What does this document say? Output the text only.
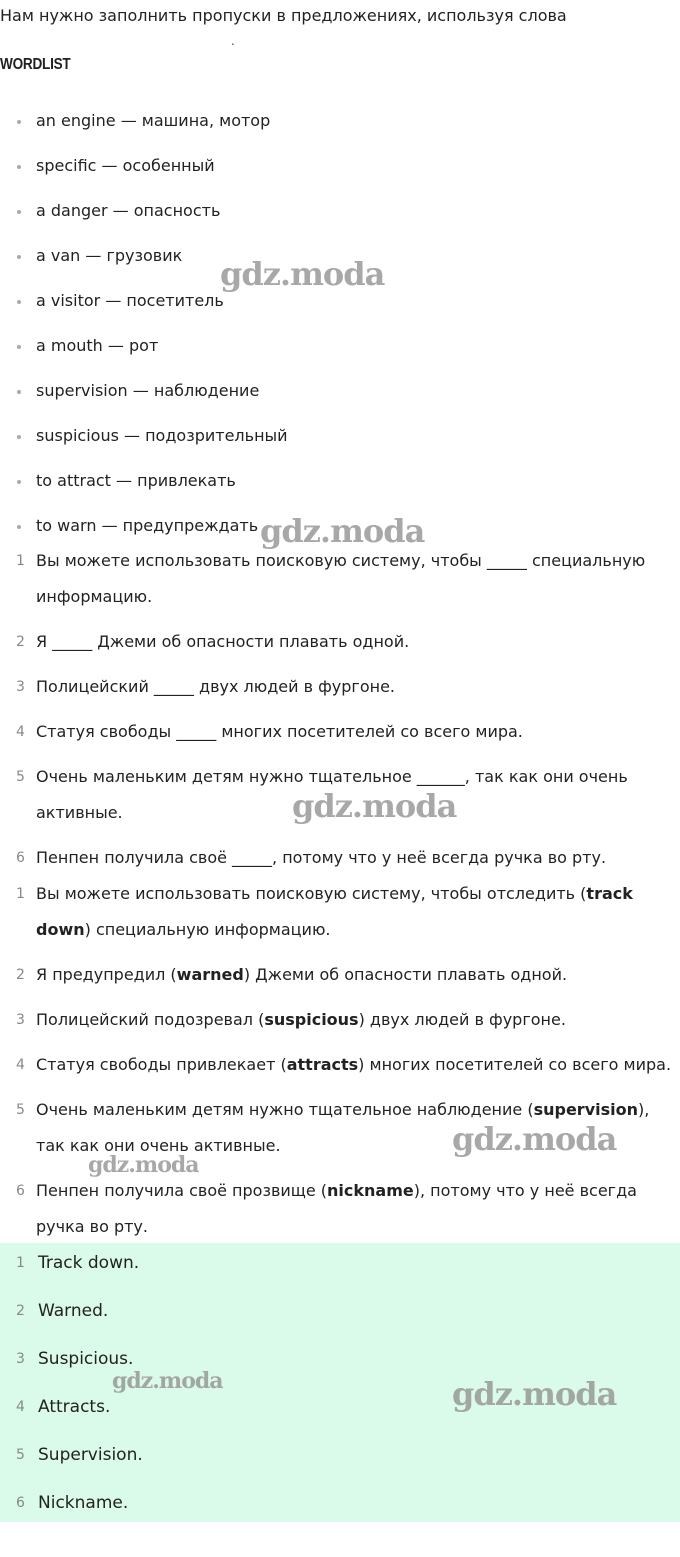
Нам нужно заполнить пропуски в предложениях, используя слова
.
WORDLIST
an engine — машина, мотор
specific — особенный
a danger — опасность
a van — грузовик
a visitor — посетитель
a mouth — рот
supervision — наблюдение
suspicious — подозрительный
to attract — привлекать
to warn — предупреждать
1 Вы можете использовать поисковую систему, чтобы _____ специальную информацию.
2 Я _____ Джеми об опасности плавать одной.
3 Полицейский _____ двух людей в фургоне.
4 Статуя свободы _____ многих посетителей со всего мира.
5 Очень маленьким детям нужно тщательное ______, так как они очень активные.
6 Пенпен получила своё _____, потому что у неё всегда ручка во рту.
1 Вы можете использовать поисковую систему, чтобы отследить (track down) специальную информацию.
2 Я предупредил (warned) Джеми об опасности плавать одной.
3 Полицейский подозревал (suspicious) двух людей в фургоне.
4 Статуя свободы привлекает (attracts) многих посетителей со всего мира.
5 Очень маленьким детям нужно тщательное наблюдение (supervision), так как они очень активные.
6 Пенпен получила своё прозвище (nickname), потому что у неё всегда ручка во рту.
1 Track down.
2 Warned.
3 Suspicious.
4 Attracts.
5 Supervision.
6 Nickname.
gdz.moda
gdz.moda
gdz.moda
gdz.moda
gdz.moda
gdz.moda	gdz.moda
